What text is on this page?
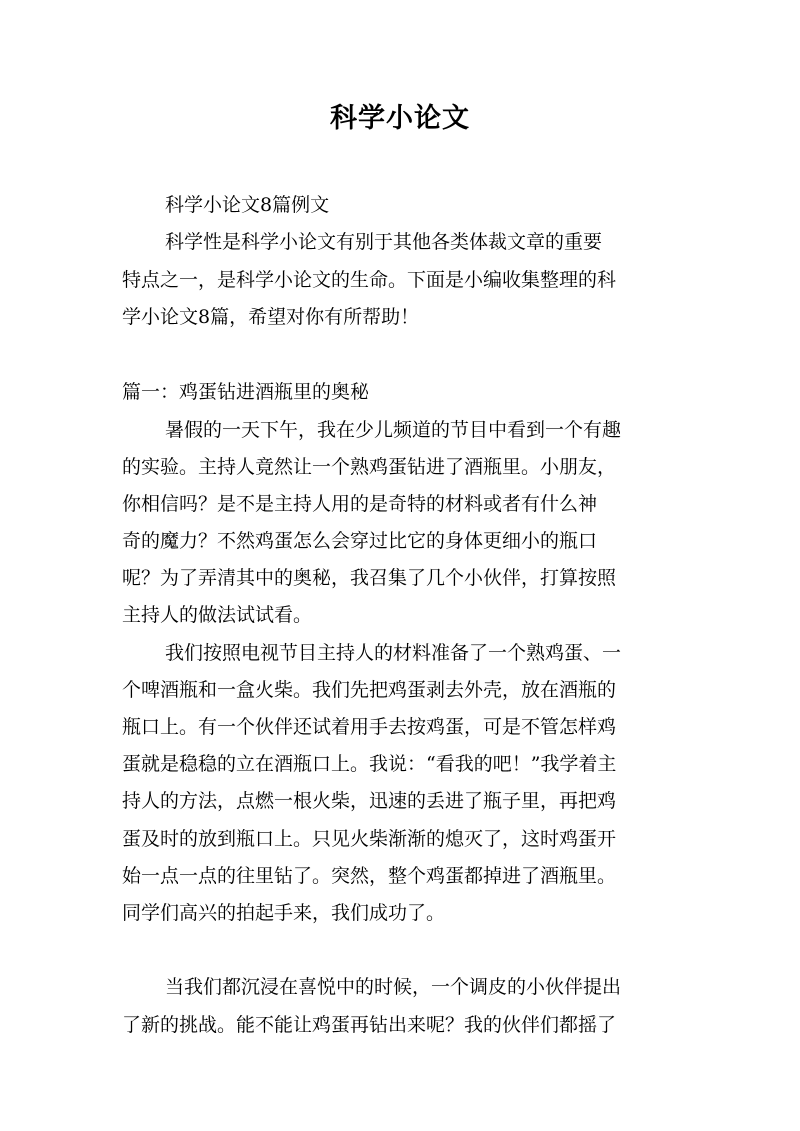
科学小论文
科学小论文8篇例文
科学性是科学小论文有别于其他各类体裁文章的重要
特点之一，是科学小论文的生命。下面是小编收集整理的科
学小论文8篇，希望对你有所帮助！
篇一：鸡蛋钻进酒瓶里的奥秘
暑假的一天下午，我在少儿频道的节目中看到一个有趣
的实验。主持人竟然让一个熟鸡蛋钻进了酒瓶里。小朋友，
你相信吗？是不是主持人用的是奇特的材料或者有什么神
奇的魔力？不然鸡蛋怎么会穿过比它的身体更细小的瓶口
呢？为了弄清其中的奥秘，我召集了几个小伙伴，打算按照
主持人的做法试试看。
我们按照电视节目主持人的材料准备了一个熟鸡蛋、一
个啤酒瓶和一盒火柴。我们先把鸡蛋剥去外壳，放在酒瓶的
瓶口上。有一个伙伴还试着用手去按鸡蛋，可是不管怎样鸡
蛋就是稳稳的立在酒瓶口上。我说：“看我的吧！”我学着主
持人的方法，点燃一根火柴，迅速的丢进了瓶子里，再把鸡
蛋及时的放到瓶口上。只见火柴渐渐的熄灭了，这时鸡蛋开
始一点一点的往里钻了。突然，整个鸡蛋都掉进了酒瓶里。
同学们高兴的拍起手来，我们成功了。
当我们都沉浸在喜悦中的时候，一个调皮的小伙伴提出
了新的挑战。能不能让鸡蛋再钻出来呢？我的伙伴们都摇了
